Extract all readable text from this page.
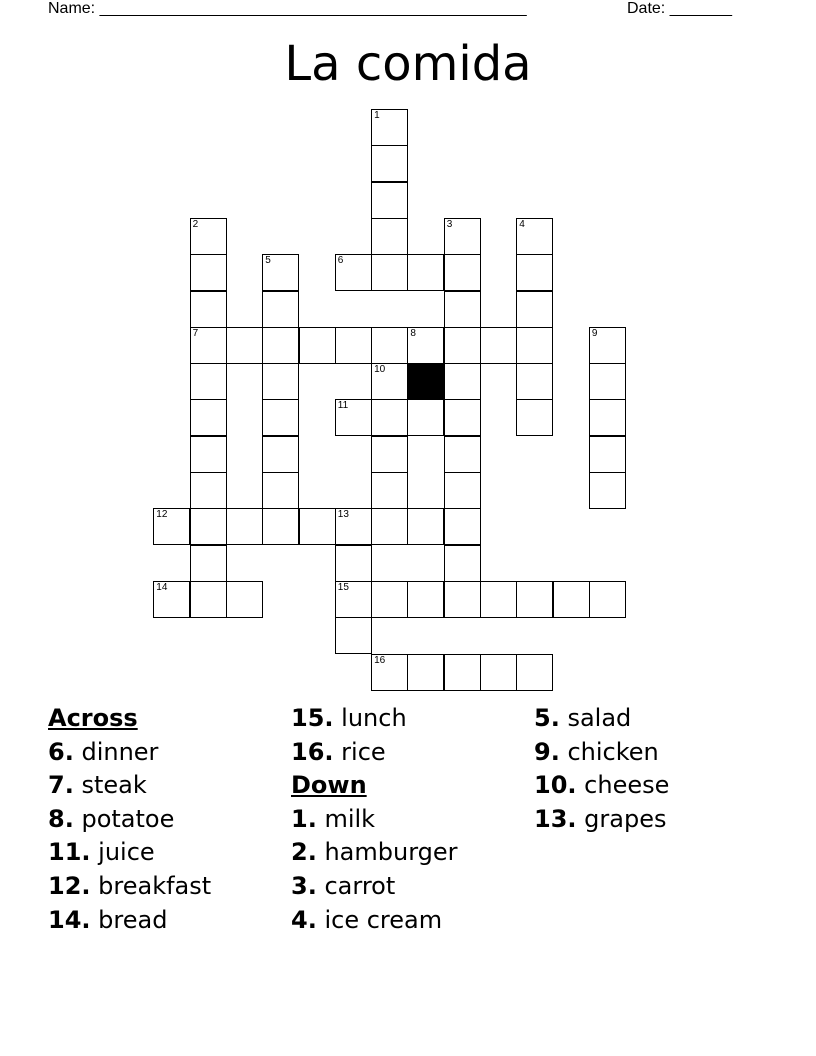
Name: ________________________________________________	Date: _______
La comida
1
6
7	8
11
12	13
14	15
16
2	3	4
5
9
10
Across
6. dinner
7. steak
8. potatoe
11. juice
12. breakfast
14. bread
15. lunch
16. rice
Down
1. milk
2. hamburger
3. carrot
4. ice cream
5. salad
9. chicken
10. cheese
13. grapes
